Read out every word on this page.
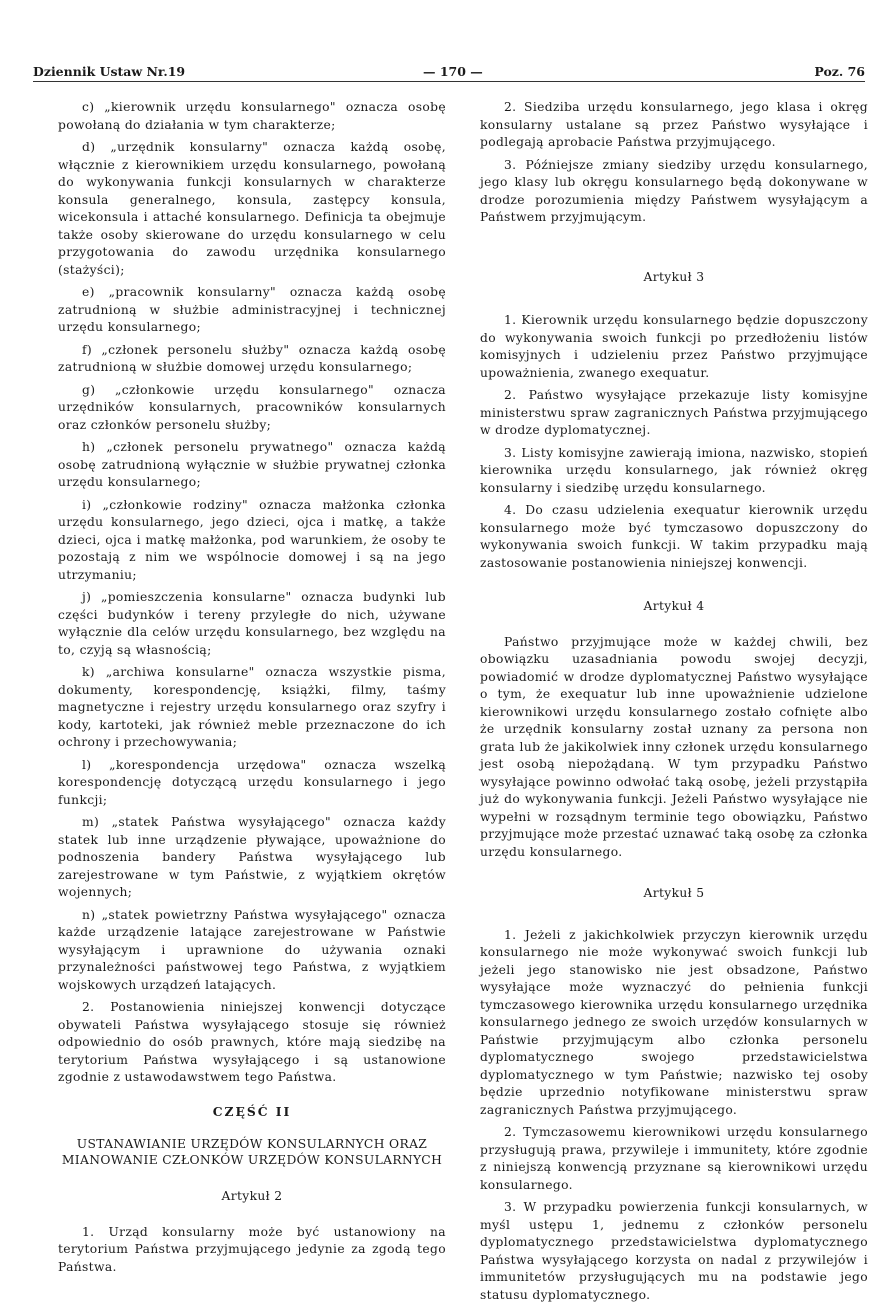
Dziennik Ustaw Nr.19	— 170 —	Poz. 76

c) „kierownik urzędu konsularnego" oznacza osobę powołaną do działania w tym charakterze;

d) „urzędnik konsularny" oznacza każdą osobę, włącznie z kierownikiem urzędu konsularnego, powołaną do wykonywania funkcji konsularnych w charakterze konsula generalnego, konsula, zastępcy konsula, wicekonsula i attaché konsularnego. Definicja ta obejmuje także osoby skierowane do urzędu konsularnego w celu przygotowania do zawodu urzędnika konsularnego (stażyści);

e) „pracownik konsularny" oznacza każdą osobę zatrudnioną w służbie administracyjnej i technicznej urzędu konsularnego;

f) „członek personelu służby" oznacza każdą osobę zatrudnioną w służbie domowej urzędu konsularnego;

g) „członkowie urzędu konsularnego" oznacza urzędników konsularnych, pracowników konsularnych oraz członków personelu służby;

h) „członek personelu prywatnego" oznacza każdą osobę zatrudnioną wyłącznie w służbie prywatnej członka urzędu konsularnego;

i) „członkowie rodziny" oznacza małżonka członka urzędu konsularnego, jego dzieci, ojca i matkę, a także dzieci, ojca i matkę małżonka, pod warunkiem, że osoby te pozostają z nim we wspólnocie domowej i są na jego utrzymaniu;

j) „pomieszczenia konsularne" oznacza budynki lub części budynków i tereny przyległe do nich, używane wyłącznie dla celów urzędu konsularnego, bez względu na to, czyją są własnością;

k) „archiwa konsularne" oznacza wszystkie pisma, dokumenty, korespondencję, książki, filmy, taśmy magnetyczne i rejestry urzędu konsularnego oraz szyfry i kody, kartoteki, jak również meble przeznaczone do ich ochrony i przechowywania;

l) „korespondencja urzędowa" oznacza wszelką korespondencję dotyczącą urzędu konsularnego i jego funkcji;

m) „statek Państwa wysyłającego" oznacza każdy statek lub inne urządzenie pływające, upoważnione do podnoszenia bandery Państwa wysyłającego lub zarejestrowane w tym Państwie, z wyjątkiem okrętów wojennych;

n) „statek powietrzny Państwa wysyłającego" oznacza każde urządzenie latające zarejestrowane w Państwie wysyłającym i uprawnione do używania oznaki przynależności państwowej tego Państwa, z wyjątkiem wojskowych urządzeń latających.

2. Postanowienia niniejszej konwencji dotyczące obywateli Państwa wysyłającego stosuje się również odpowiednio do osób prawnych, które mają siedzibę na terytorium Państwa wysyłającego i są ustanowione zgodnie z ustawodawstwem tego Państwa.

CZĘŚĆ II

USTANAWIANIE URZĘDÓW KONSULARNYCH ORAZ MIANOWANIE CZŁONKÓW URZĘDÓW KONSULARNYCH

Artykuł 2

1. Urząd konsularny może być ustanowiony na terytorium Państwa przyjmującego jedynie za zgodą tego Państwa.

2. Siedziba urzędu konsularnego, jego klasa i okręg konsularny ustalane są przez Państwo wysyłające i podlegają aprobacie Państwa przyjmującego.

3. Późniejsze zmiany siedziby urzędu konsularnego, jego klasy lub okręgu konsularnego będą dokonywane w drodze porozumienia między Państwem wysyłającym a Państwem przyjmującym.

Artykuł 3

1. Kierownik urzędu konsularnego będzie dopuszczony do wykonywania swoich funkcji po przedłożeniu listów komisyjnych i udzieleniu przez Państwo przyjmujące upoważnienia, zwanego exequatur.

2. Państwo wysyłające przekazuje listy komisyjne ministerstwu spraw zagranicznych Państwa przyjmującego w drodze dyplomatycznej.

3. Listy komisyjne zawierają imiona, nazwisko, stopień kierownika urzędu konsularnego, jak również okręg konsularny i siedzibę urzędu konsularnego.

4. Do czasu udzielenia exequatur kierownik urzędu konsularnego może być tymczasowo dopuszczony do wykonywania swoich funkcji. W takim przypadku mają zastosowanie postanowienia niniejszej konwencji.

Artykuł 4

Państwo przyjmujące może w każdej chwili, bez obowiązku uzasadniania powodu swojej decyzji, powiadomić w drodze dyplomatycznej Państwo wysyłające o tym, że exequatur lub inne upoważnienie udzielone kierownikowi urzędu konsularnego zostało cofnięte albo że urzędnik konsularny został uznany za persona non grata lub że jakikolwiek inny członek urzędu konsularnego jest osobą niepożądaną. W tym przypadku Państwo wysyłające powinno odwołać taką osobę, jeżeli przystąpiła już do wykonywania funkcji. Jeżeli Państwo wysyłające nie wypełni w rozsądnym terminie tego obowiązku, Państwo przyjmujące może przestać uznawać taką osobę za członka urzędu konsularnego.

Artykuł 5

1. Jeżeli z jakichkolwiek przyczyn kierownik urzędu konsularnego nie może wykonywać swoich funkcji lub jeżeli jego stanowisko nie jest obsadzone, Państwo wysyłające może wyznaczyć do pełnienia funkcji tymczasowego kierownika urzędu konsularnego urzędnika konsularnego jednego ze swoich urzędów konsularnych w Państwie przyjmującym albo członka personelu dyplomatycznego swojego przedstawicielstwa dyplomatycznego w tym Państwie; nazwisko tej osoby będzie uprzednio notyfikowane ministerstwu spraw zagranicznych Państwa przyjmującego.

2. Tymczasowemu kierownikowi urzędu konsularnego przysługują prawa, przywileje i immunitety, które zgodnie z niniejszą konwencją przyznane są kierownikowi urzędu konsularnego.

3. W przypadku powierzenia funkcji konsularnych, w myśl ustępu 1, jednemu z członków personelu dyplomatycznego przedstawicielstwa dyplomatycznego Państwa wysyłającego korzysta on nadal z przywilejów i immunitetów przysługujących mu na podstawie jego statusu dyplomatycznego.
